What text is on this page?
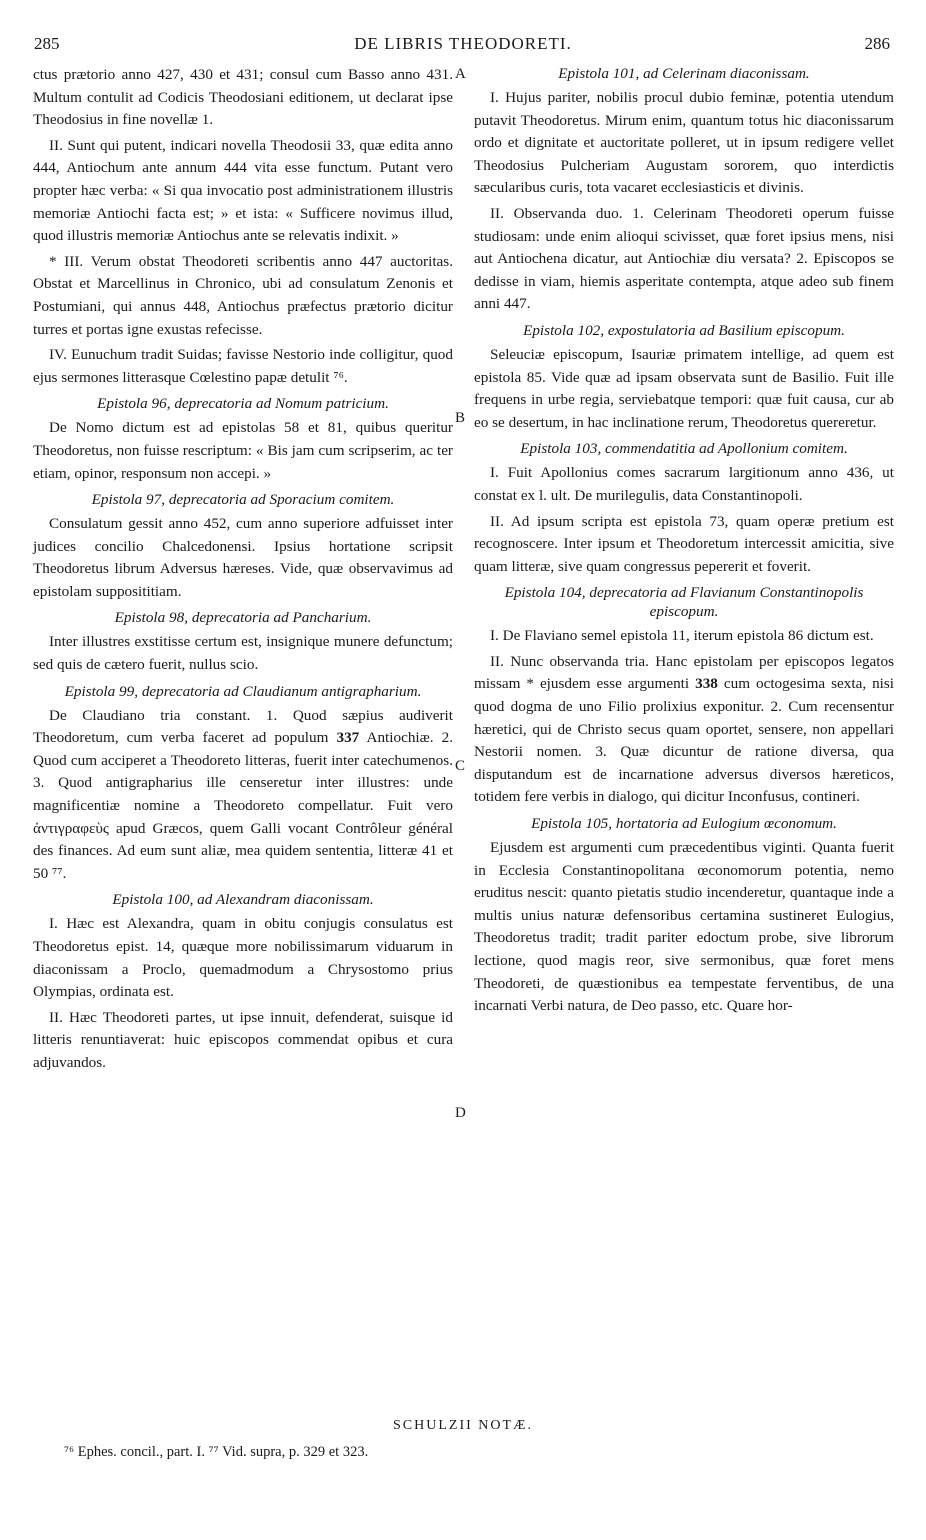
285	DE LIBRIS THEODORETI.	286
A
B
C
D

ctus prætorio anno 427, 430 et 431; consul cum Basso anno 431. Multum contulit ad Codicis Theodosiani editionem, ut declarat ipse Theodosius in fine novellæ 1.

II. Sunt qui putent, indicari novella Theodosii 33, quæ edita anno 444, Antiochum ante annum 444 vita esse functum. Putant vero propter hæc verba: « Si qua invocatio post administrationem illustris memoriæ Antiochi facta est; » et ista: « Sufficere novimus illud, quod illustris memoriæ Antiochus ante se relevatis indixit. »

* III. Verum obstat Theodoreti scribentis anno 447 auctoritas. Obstat et Marcellinus in Chronico, ubi ad consulatum Zenonis et Postumiani, qui annus 448, Antiochus præfectus prætorio dicitur turres et portas igne exustas refecisse.

IV. Eunuchum tradit Suidas; favisse Nestorio inde colligitur, quod ejus sermones litterasque Cœlestino papæ detulit ⁷⁶.

Epistola 96, deprecatoria ad Nomum patricium.

De Nomo dictum est ad epistolas 58 et 81, quibus queritur Theodoretus, non fuisse rescriptum: « Bis jam cum scripserim, ac ter etiam, opinor, responsum non accepi. »

Epistola 97, deprecatoria ad Sporacium comitem.

Consulatum gessit anno 452, cum anno superiore adfuisset inter judices concilio Chalcedonensi. Ipsius hortatione scripsit Theodoretus librum Adversus hæreses. Vide, quæ observavimus ad epistolam supposititiam.

Epistola 98, deprecatoria ad Pancharium.

Inter illustres exstitisse certum est, insignique munere defunctum; sed quis de cætero fuerit, nullus scio.

Epistola 99, deprecatoria ad Claudianum antigrapharium.

De Claudiano tria constant. 1. Quod sæpius audiverit Theodoretum, cum verba faceret ad populum 337 Antiochiæ. 2. Quod cum acciperet a Theodoreto litteras, fuerit inter catechumenos. 3. Quod antigrapharius ille censeretur inter illustres: unde magnificentiæ nomine a Theodoreto compellatur. Fuit vero ἀντιγραφεὺς apud Græcos, quem Galli vocant Contrôleur général des finances. Ad eum sunt aliæ, mea quidem sententia, litteræ 41 et 50 ⁷⁷.

Epistola 100, ad Alexandram diaconissam.

I. Hæc est Alexandra, quam in obitu conjugis consulatus est Theodoretus epist. 14, quæque more nobilissimarum viduarum in diaconissam a Proclo, quemadmodum a Chrysostomo prius Olympias, ordinata est.

II. Hæc Theodoreti partes, ut ipse innuit, defenderat, suisque id litteris renuntiaverat: huic episcopos commendat opibus et cura adjuvandos.

Epistola 101, ad Celerinam diaconissam.

I. Hujus pariter, nobilis procul dubio feminæ, potentia utendum putavit Theodoretus. Mirum enim, quantum totus hic diaconissarum ordo et dignitate et auctoritate polleret, ut in ipsum redigere vellet Theodosius Pulcheriam Augustam sororem, quo interdictis sæcularibus curis, tota vacaret ecclesiasticis et divinis.

II. Observanda duo. 1. Celerinam Theodoreti operum fuisse studiosam: unde enim alioqui scivisset, quæ foret ipsius mens, nisi aut Antiochena dicatur, aut Antiochiæ diu versata? 2. Episcopos se dedisse in viam, hiemis asperitate contempta, atque adeo sub finem anni 447.

Epistola 102, expostulatoria ad Basilium episcopum.

Seleuciæ episcopum, Isauriæ primatem intellige, ad quem est epistola 85. Vide quæ ad ipsam observata sunt de Basilio. Fuit ille frequens in urbe regia, serviebatque tempori: quæ fuit causa, cur ab eo se desertum, in hac inclinatione rerum, Theodoretus quereretur.

Epistola 103, commendatitia ad Apollonium comitem.

I. Fuit Apollonius comes sacrarum largitionum anno 436, ut constat ex l. ult. De murilegulis, data Constantinopoli.

II. Ad ipsum scripta est epistola 73, quam operæ pretium est recognoscere. Inter ipsum et Theodoretum intercessit amicitia, sive quam litteræ, sive quam congressus pepererit et foverit.

Epistola 104, deprecatoria ad Flavianum Constantinopolis episcopum.

I. De Flaviano semel epistola 11, iterum epistola 86 dictum est.

II. Nunc observanda tria. Hanc epistolam per episcopos legatos missam * ejusdem esse argumenti 338 cum octogesima sexta, nisi quod dogma de uno Filio prolixius exponitur. 2. Cum recensentur hæretici, qui de Christo secus quam oportet, sensere, non appellari Nestorii nomen. 3. Quæ dicuntur de ratione diversa, qua disputandum est de incarnatione adversus diversos hæreticos, totidem fere verbis in dialogo, qui dicitur Inconfusus, contineri.

Epistola 105, hortatoria ad Eulogium œconomum.

Ejusdem est argumenti cum præcedentibus viginti. Quanta fuerit in Ecclesia Constantinopolitana œconomorum potentia, nemo eruditus nescit: quanto pietatis studio incenderetur, quantaque inde a multis unius naturæ defensoribus certamina sustineret Eulogius, Theodoretus tradit; tradit pariter edoctum probe, sive librorum lectione, quod magis reor, sive sermonibus, quæ foret mens Theodoreti, de quæstionibus ea tempestate ferventibus, de una incarnati Verbi natura, de Deo passo, etc. Quare hor-

SCHULZII NOTÆ.
⁷⁶ Ephes. concil., part. I. ⁷⁷ Vid. supra, p. 329 et 323.
